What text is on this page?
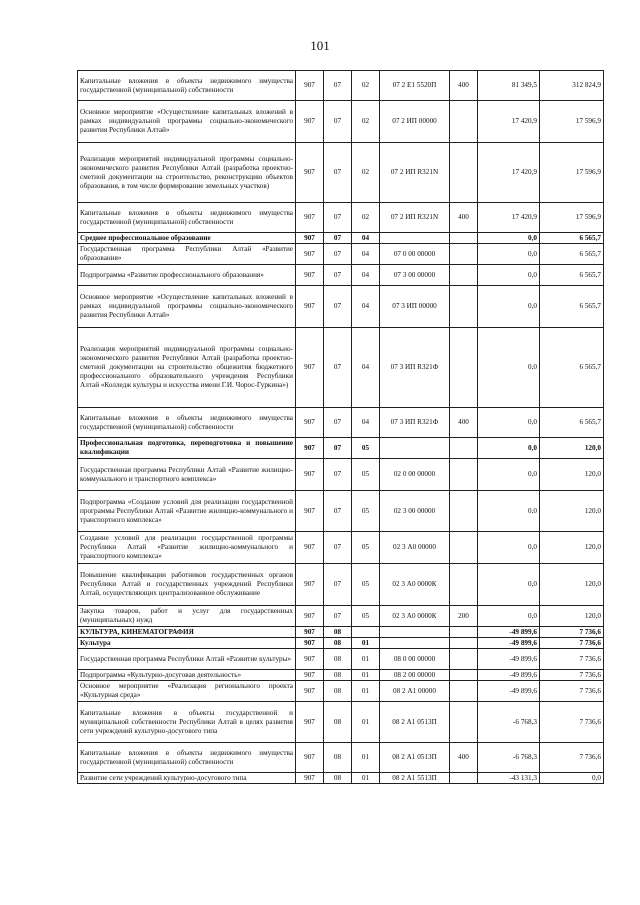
101
Капитальные вложения в объекты недвижимого имущества государственной (муниципальной) собственности	907	07	02	07 2 Е1 5520П	400	81 349,5	312 824,9
Основное мероприятие «Осуществление капитальных вложений в рамках индивидуальной программы социально-экономического развития Республики Алтай»	907	07	02	07 2 ИП 00000		17 420,9	17 596,9
Реализация мероприятий индивидуальной программы социально-экономического развития Республики Алтай (разработка проектно-сметной документации на строительство, реконструкцию объектов образования, в том числе формирование земельных участков)	907	07	02	07 2 ИП R321N		17 420,9	17 596,9
Капитальные вложения в объекты недвижимого имущества государственной (муниципальной) собственности	907	07	02	07 2 ИП R321N	400	17 420,9	17 596,9
Среднее профессиональное образование	907	07	04			0,0	6 565,7
Государственная программа Республики Алтай «Развитие образования»	907	07	04	07 0 00 00000		0,0	6 565,7
Подпрограмма «Развитие профессионального образования»	907	07	04	07 3 00 00000		0,0	6 565,7
Основное мероприятие «Осуществление капитальных вложений в рамках индивидуальной программы социально-экономического развития Республики Алтай»	907	07	04	07 3 ИП 00000		0,0	6 565,7
Реализация мероприятий индивидуальной программы социально-экономического развития Республики Алтай (разработка проектно-сметной документации на строительство общежития бюджетного профессионального образовательного учреждения Республики Алтай «Колледж культуры и искусства имени Г.И. Чорос-Гуркина»)	907	07	04	07 3 ИП R321Ф		0,0	6 565,7
Капитальные вложения в объекты недвижимого имущества государственной (муниципальной) собственности	907	07	04	07 3 ИП R321Ф	400	0,0	6 565,7
Профессиональная подготовка, переподготовка и повышение квалификации	907	07	05			0,0	120,0
Государственная программа Республики Алтай «Развитие жилищно-коммунального и транспортного комплекса»	907	07	05	02 0 00 00000		0,0	120,0
Подпрограмма «Создание условий для реализации государственной программы Республики Алтай «Развитие жилищно-коммунального и транспортного комплекса»	907	07	05	02 3 00 00000		0,0	120,0
Создание условий для реализации государственной программы Республики Алтай «Развитие жилищно-коммунального и транспортного комплекса»	907	07	05	02 3 А0 00000		0,0	120,0
Повышение квалификации работников государственных органов Республики Алтай и государственных учреждений Республики Алтай, осуществляющих централизованное обслуживание	907	07	05	02 3 А0 0000К		0,0	120,0
Закупка товаров, работ и услуг для государственных (муниципальных) нужд	907	07	05	02 3 А0 0000К	200	0,0	120,0
КУЛЬТУРА, КИНЕМАТОГРАФИЯ	907	08				-49 899,6	7 736,6
Культура	907	08	01			-49 899,6	7 736,6
Государственная программа Республики Алтай «Развитие культуры»	907	08	01	08 0 00 00000		-49 899,6	7 736,6
Подпрограмма «Культурно-досуговая деятельность»	907	08	01	08 2 00 00000		-49 899,6	7 736,6
Основное мероприятие «Реализация регионального проекта «Культурная среда»	907	08	01	08 2 А1 00000		-49 899,6	7 736,6
Капитальные вложения в объекты государственной и муниципальной собственности Республики Алтай в целях развития сети учреждений культурно-досугового типа	907	08	01	08 2 А1 0513П		-6 768,3	7 736,6
Капитальные вложения в объекты недвижимого имущества государственной (муниципальной) собственности	907	08	01	08 2 А1 0513П	400	-6 768,3	7 736,6
Развитие сети учреждений культурно-досугового типа	907	08	01	08 2 А1 5513П		-43 131,3	0,0
